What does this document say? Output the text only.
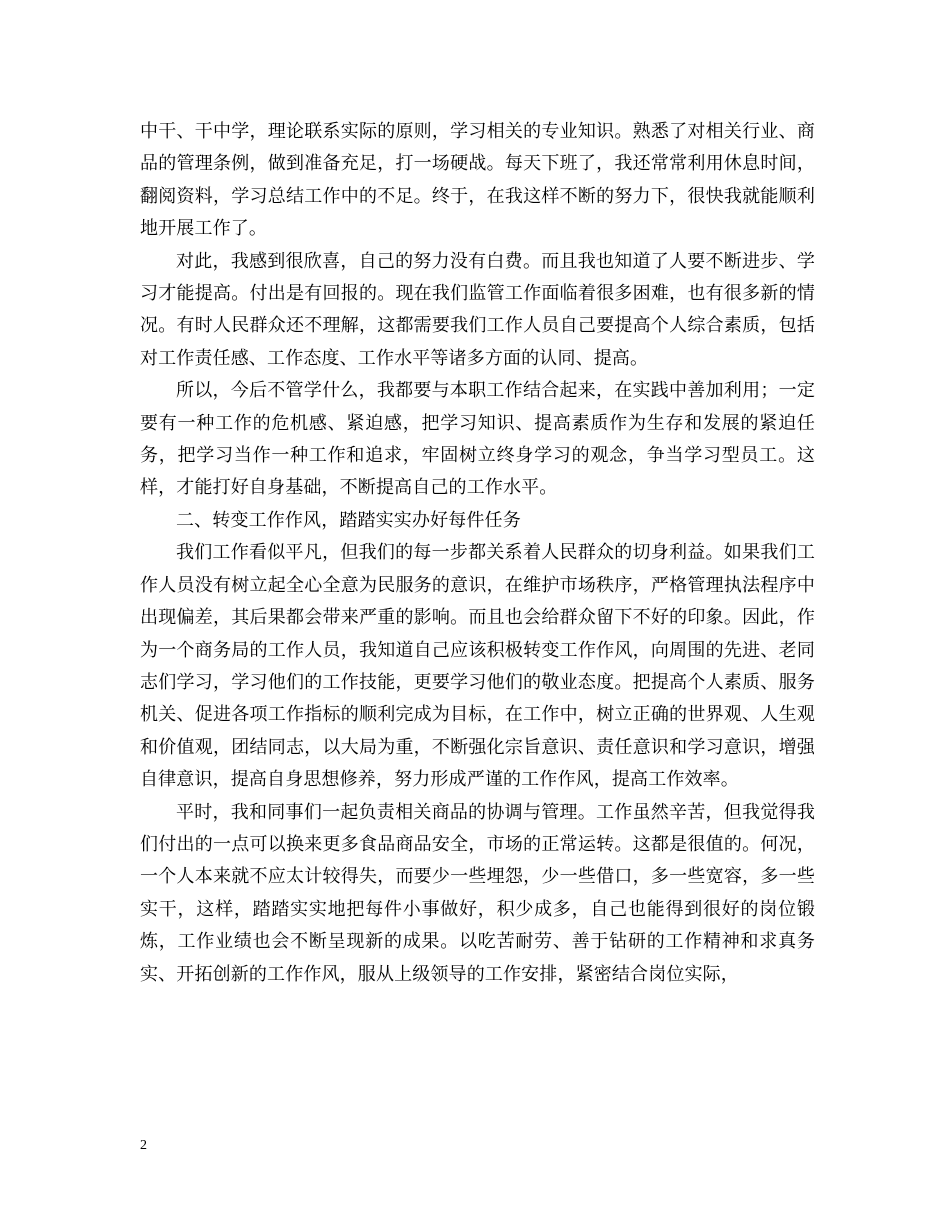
中干、干中学，理论联系实际的原则，学习相关的专业知识。熟悉了对相关行业、商品的管理条例，做到准备充足，打一场硬战。每天下班了，我还常常利用休息时间，翻阅资料，学习总结工作中的不足。终于，在我这样不断的努力下，很快我就能顺利地开展工作了。

对此，我感到很欣喜，自己的努力没有白费。而且我也知道了人要不断进步、学习才能提高。付出是有回报的。现在我们监管工作面临着很多困难，也有很多新的情况。有时人民群众还不理解，这都需要我们工作人员自己要提高个人综合素质，包括对工作责任感、工作态度、工作水平等诸多方面的认同、提高。

所以，今后不管学什么，我都要与本职工作结合起来，在实践中善加利用；一定要有一种工作的危机感、紧迫感，把学习知识、提高素质作为生存和发展的紧迫任务，把学习当作一种工作和追求，牢固树立终身学习的观念，争当学习型员工。这样，才能打好自身基础，不断提高自己的工作水平。

二、转变工作作风，踏踏实实办好每件任务

我们工作看似平凡，但我们的每一步都关系着人民群众的切身利益。如果我们工作人员没有树立起全心全意为民服务的意识，在维护市场秩序，严格管理执法程序中出现偏差，其后果都会带来严重的影响。而且也会给群众留下不好的印象。因此，作为一个商务局的工作人员，我知道自己应该积极转变工作作风，向周围的先进、老同志们学习，学习他们的工作技能，更要学习他们的敬业态度。把提高个人素质、服务机关、促进各项工作指标的顺利完成为目标，在工作中，树立正确的世界观、人生观和价值观，团结同志，以大局为重，不断强化宗旨意识、责任意识和学习意识，增强自律意识，提高自身思想修养，努力形成严谨的工作作风，提高工作效率。

平时，我和同事们一起负责相关商品的协调与管理。工作虽然辛苦，但我觉得我们付出的一点可以换来更多食品商品安全，市场的正常运转。这都是很值的。何况，一个人本来就不应太计较得失，而要少一些埋怨，少一些借口，多一些宽容，多一些实干，这样，踏踏实实地把每件小事做好，积少成多，自己也能得到很好的岗位锻炼，工作业绩也会不断呈现新的成果。以吃苦耐劳、善于钻研的工作精神和求真务实、开拓创新的工作作风，服从上级领导的工作安排，紧密结合岗位实际，

2
